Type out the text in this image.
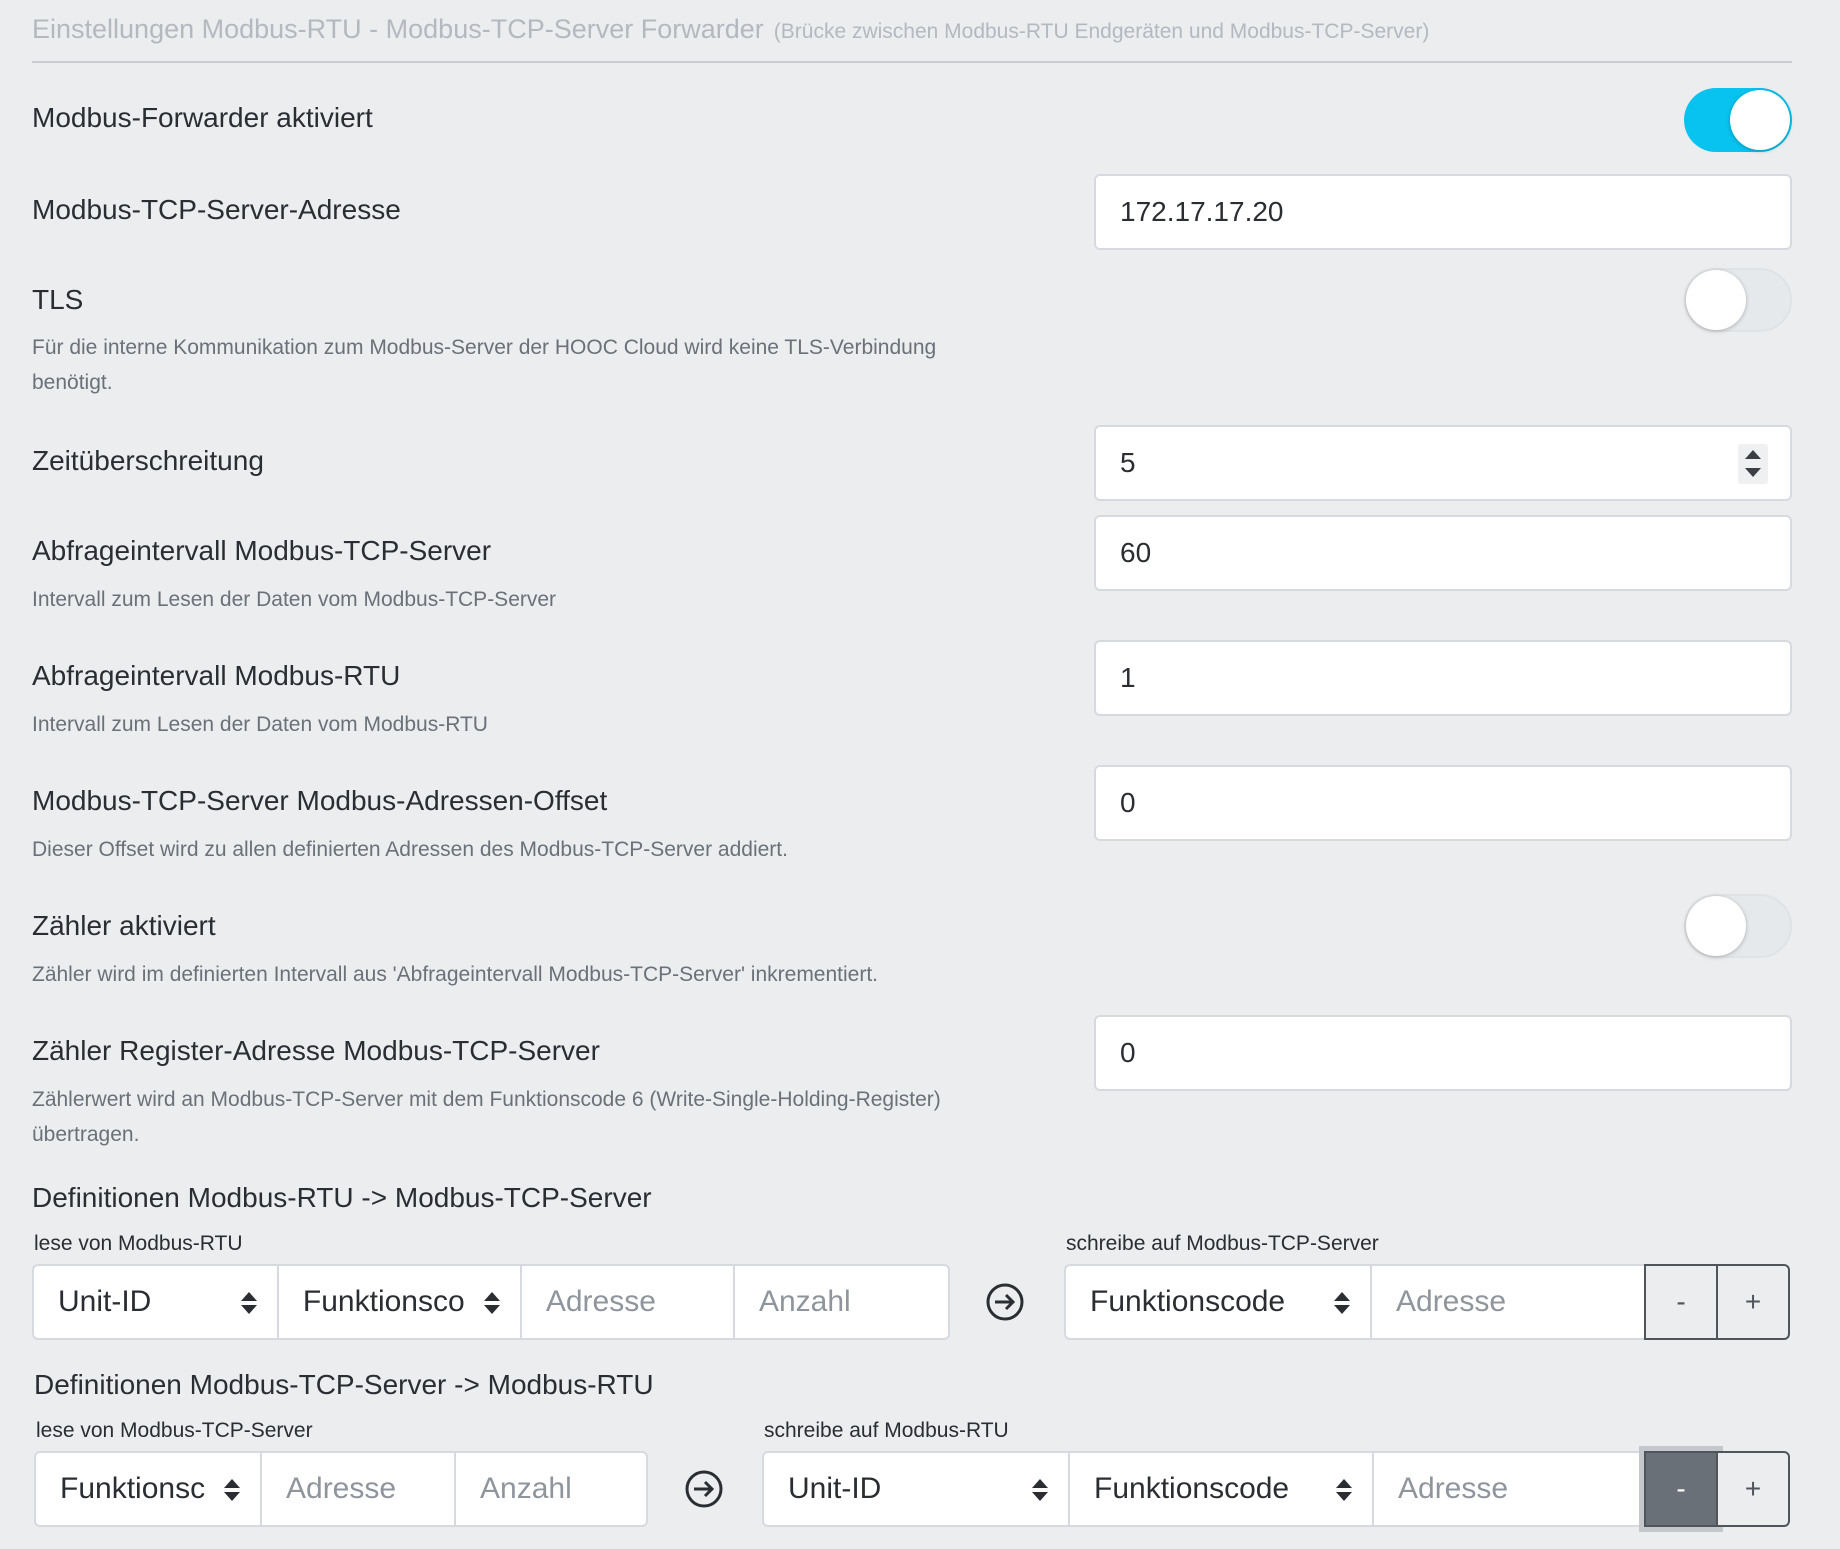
Einstellungen Modbus-RTU - Modbus-TCP-Server Forwarder (Brücke zwischen Modbus-RTU Endgeräten und Modbus-TCP-Server)
Modbus-Forwarder aktiviert
Modbus-TCP-Server-Adresse	172.17.17.20
TLS
Für die interne Kommunikation zum Modbus-Server der HOOC Cloud wird keine TLS-Verbindung benötigt.
Zeitüberschreitung	5
Abfrageintervall Modbus-TCP-Server	60
Intervall zum Lesen der Daten vom Modbus-TCP-Server
Abfrageintervall Modbus-RTU	1
Intervall zum Lesen der Daten vom Modbus-RTU
Modbus-TCP-Server Modbus-Adressen-Offset	0
Dieser Offset wird zu allen definierten Adressen des Modbus-TCP-Server addiert.
Zähler aktiviert
Zähler wird im definierten Intervall aus 'Abfrageintervall Modbus-TCP-Server' inkrementiert.
Zähler Register-Adresse Modbus-TCP-Server	0
Zählerwert wird an Modbus-TCP-Server mit dem Funktionscode 6 (Write-Single-Holding-Register) übertragen.
Definitionen Modbus-RTU -> Modbus-TCP-Server
lese von Modbus-RTU	schreibe auf Modbus-TCP-Server
Unit-ID	Funktionsco	Adresse	Anzahl	Funktionscode	Adresse	-	+
Definitionen Modbus-TCP-Server -> Modbus-RTU
lese von Modbus-TCP-Server	schreibe auf Modbus-RTU
Funktionsc	Adresse	Anzahl	Unit-ID	Funktionscode	Adresse	-	+
